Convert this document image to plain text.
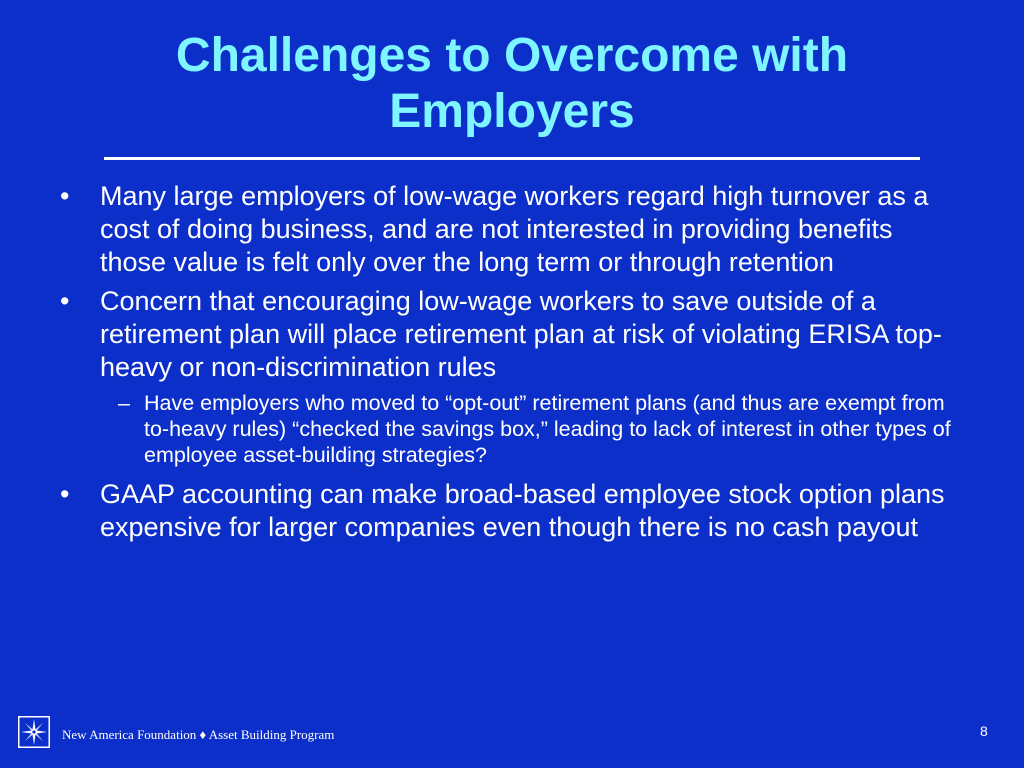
Challenges to Overcome with Employers
•	Many large employers of low-wage workers regard high turnover as a cost of doing business, and are not interested in providing benefits those value is felt only over the long term or through retention
•	Concern that encouraging low-wage workers to save outside of a retirement plan will place retirement plan at risk of violating ERISA top-heavy or non-discrimination rules
– Have employers who moved to “opt-out” retirement plans (and thus are exempt from to-heavy rules) “checked the savings box,” leading to lack of interest in other types of employee asset-building strategies?
•	GAAP accounting can make broad-based employee stock option plans expensive for larger companies even though there is no cash payout
New America Foundation ♦ Asset Building Program	8
